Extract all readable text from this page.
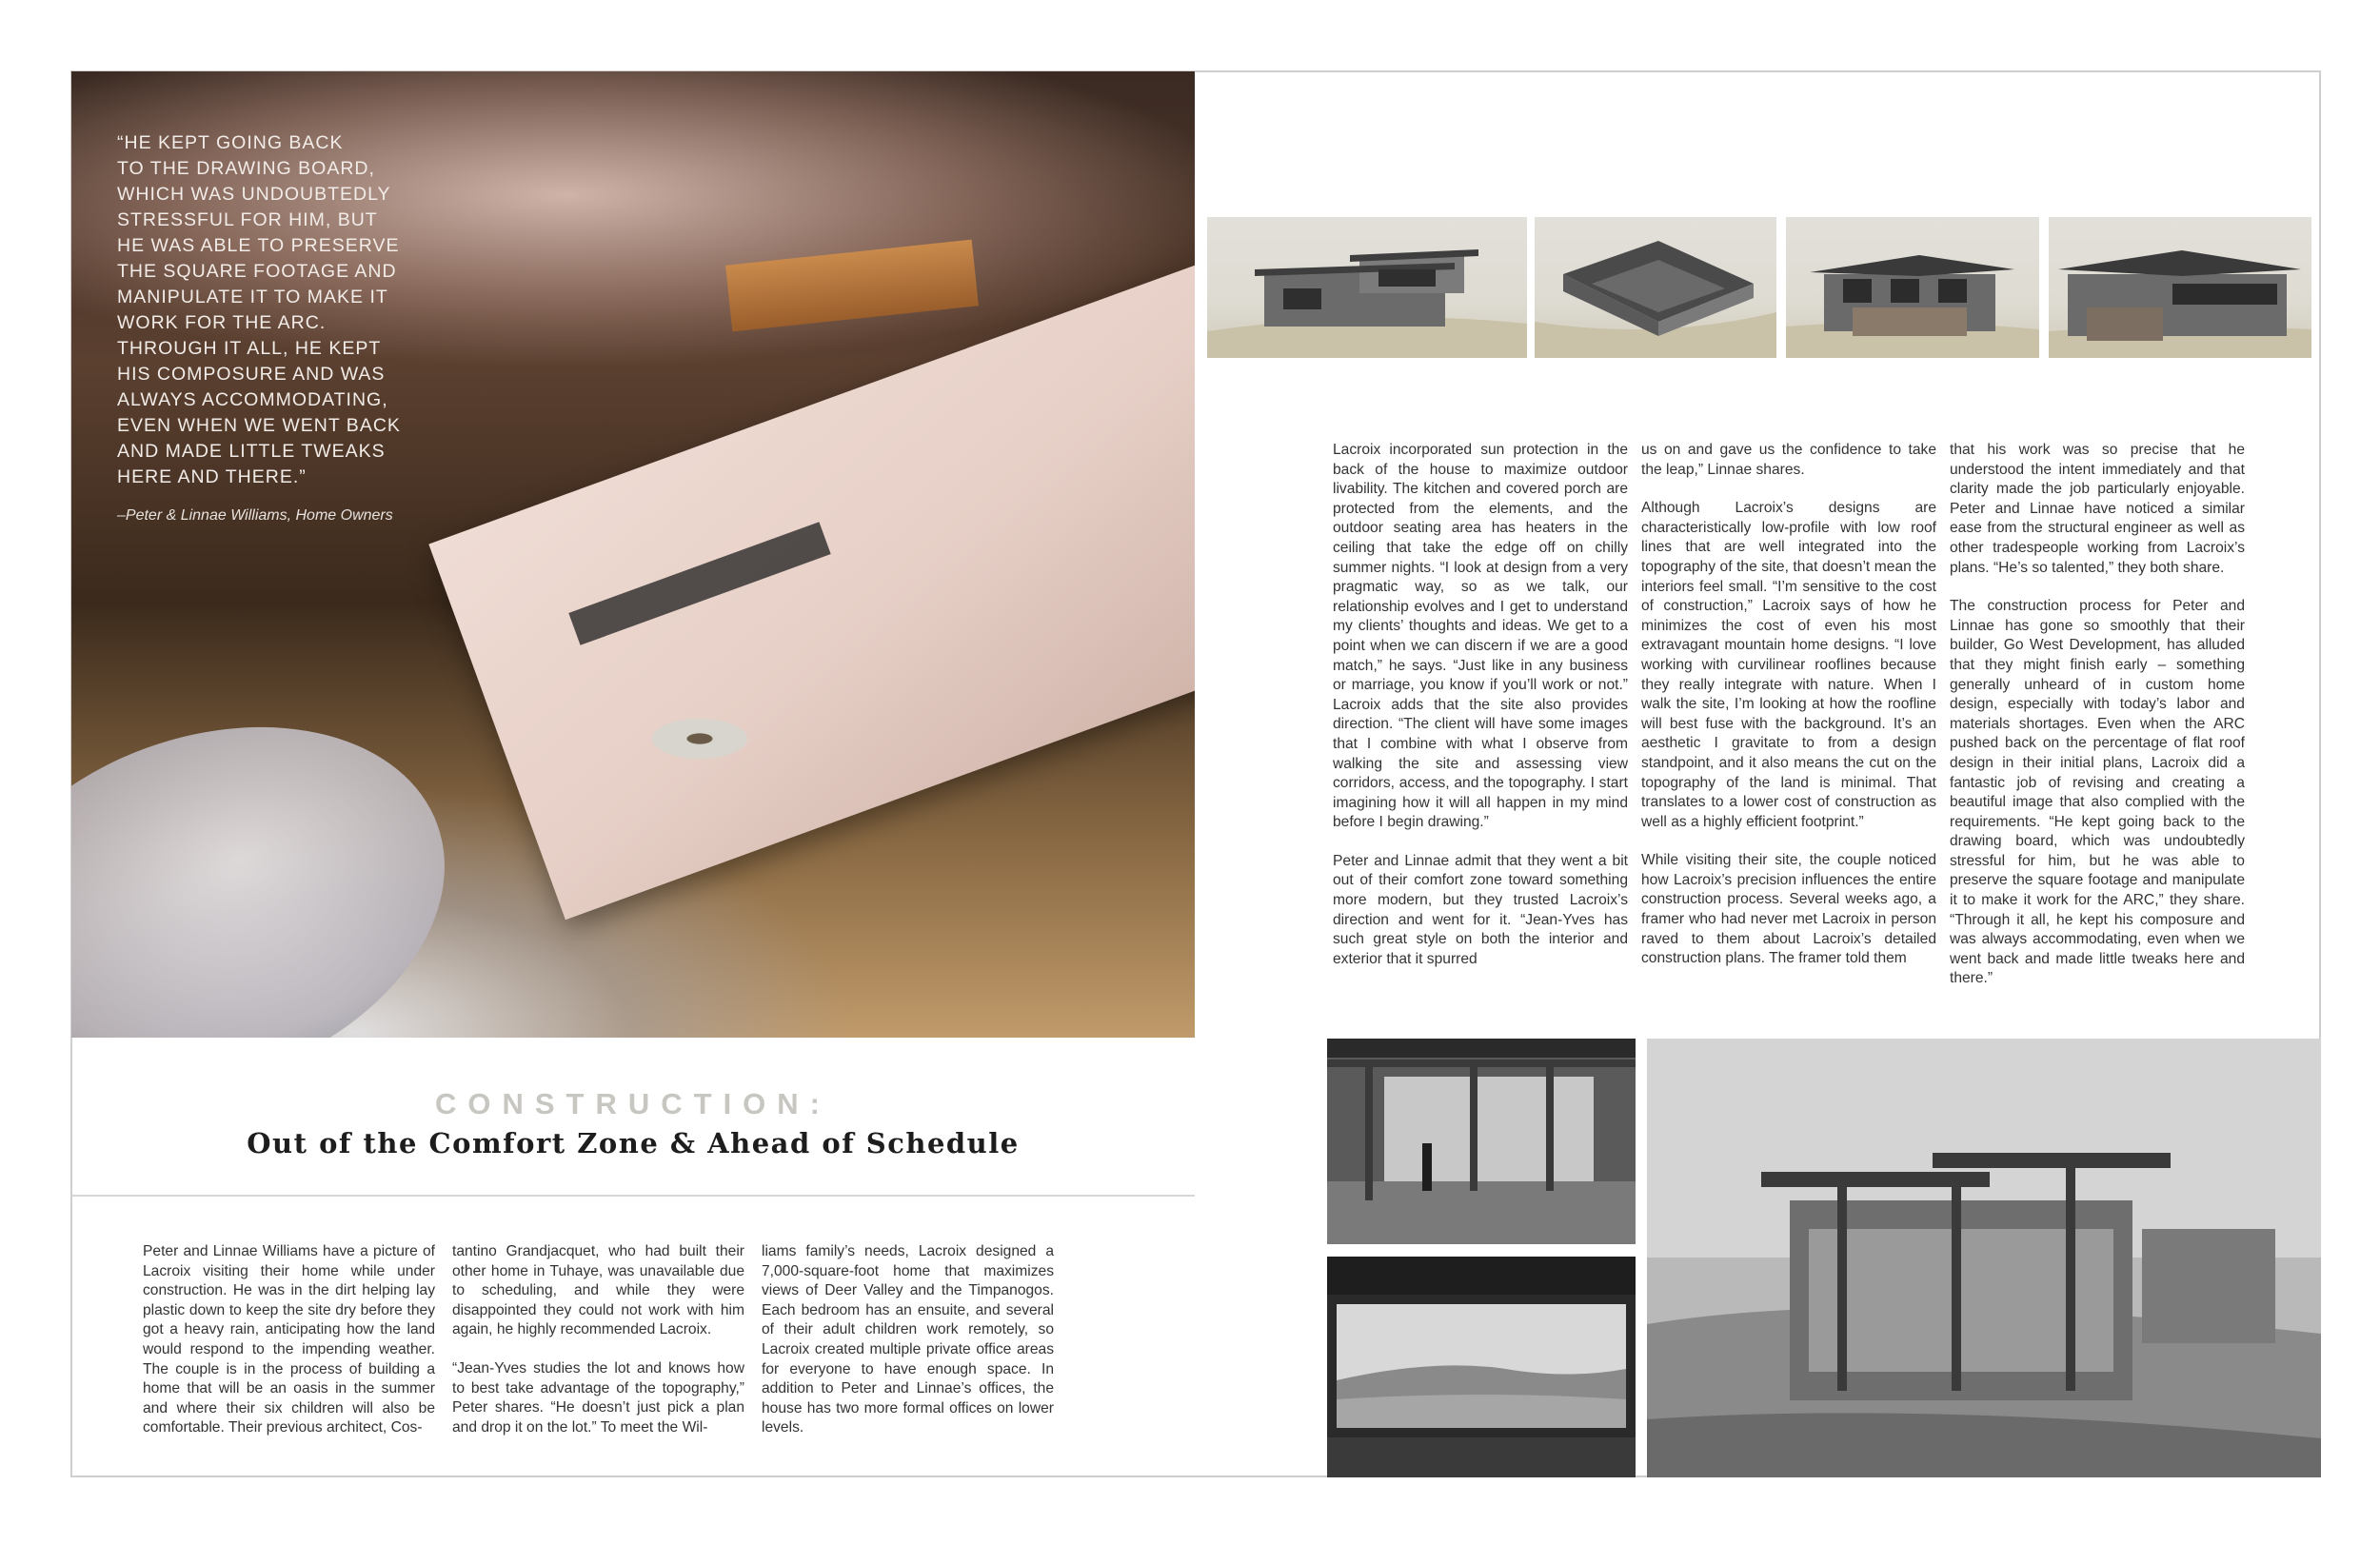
“HE KEPT GOING BACK
TO THE DRAWING BOARD,
WHICH WAS UNDOUBTEDLY
STRESSFUL FOR HIM, BUT
HE WAS ABLE TO PRESERVE
THE SQUARE FOOTAGE AND
MANIPULATE IT TO MAKE IT
WORK FOR THE ARC.
THROUGH IT ALL, HE KEPT
HIS COMPOSURE AND WAS
ALWAYS ACCOMMODATING,
EVEN WHEN WE WENT BACK
AND MADE LITTLE TWEAKS
HERE AND THERE.”
–Peter & Linnae Williams, Home Owners
CONSTRUCTION:
Out of the Comfort Zone & Ahead of Schedule

Peter and Linnae Williams have a picture of Lacroix visiting their home while under construction. He was in the dirt helping lay plastic down to keep the site dry before they got a heavy rain, anticipating how the land would respond to the impending weather. The couple is in the process of building a home that will be an oasis in the summer and where their six children will also be comfortable. Their previous architect, Cos-

tantino Grandjacquet, who had built their other home in Tuhaye, was unavailable due to scheduling, and while they were disappointed they could not work with him again, he highly recommended Lacroix.

“Jean-Yves studies the lot and knows how to best take advantage of the topography,” Peter shares. “He doesn’t just pick a plan and drop it on the lot.” To meet the Wil-

liams family’s needs, Lacroix designed a 7,000-square-foot home that maximizes views of Deer Valley and the Timpanogos. Each bedroom has an ensuite, and several of their adult children work remotely, so Lacroix created multiple private office areas for everyone to have enough space. In addition to Peter and Linnae’s offices, the house has two more formal offices on lower levels.

Lacroix incorporated sun protection in the back of the house to maximize outdoor livability. The kitchen and covered porch are protected from the elements, and the outdoor seating area has heaters in the ceiling that take the edge off on chilly summer nights. “I look at design from a very pragmatic way, so as we talk, our relationship evolves and I get to understand my clients’ thoughts and ideas. We get to a point when we can discern if we are a good match,” he says. “Just like in any business or marriage, you know if you’ll work or not.” Lacroix adds that the site also provides direction. “The client will have some images that I combine with what I observe from walking the site and assessing view corridors, access, and the topography. I start imagining how it will all happen in my mind before I begin drawing.”

Peter and Linnae admit that they went a bit out of their comfort zone toward something more modern, but they trusted Lacroix’s direction and went for it. “Jean-Yves has such great style on both the interior and exterior that it spurred

us on and gave us the confidence to take the leap,” Linnae shares.

Although Lacroix’s designs are characteristically low-profile with low roof lines that are well integrated into the topography of the site, that doesn’t mean the interiors feel small. “I’m sensitive to the cost of construction,” Lacroix says of how he minimizes the cost of even his most extravagant mountain home designs. “I love working with curvilinear rooflines because they really integrate with nature. When I walk the site, I’m looking at how the roofline will best fuse with the background. It’s an aesthetic I gravitate to from a design standpoint, and it also means the cut on the topography of the land is minimal. That translates to a lower cost of construction as well as a highly efficient footprint.”

While visiting their site, the couple noticed how Lacroix’s precision influences the entire construction process. Several weeks ago, a framer who had never met Lacroix in person raved to them about Lacroix’s detailed construction plans. The framer told them

that his work was so precise that he understood the intent immediately and that clarity made the job particularly enjoyable. Peter and Linnae have noticed a similar ease from the structural engineer as well as other tradespeople working from Lacroix’s plans. “He’s so talented,” they both share.

The construction process for Peter and Linnae has gone so smoothly that their builder, Go West Development, has alluded that they might finish early – something generally unheard of in custom home design, especially with today’s labor and materials shortages. Even when the ARC pushed back on the percentage of flat roof design in their initial plans, Lacroix did a fantastic job of revising and creating a beautiful image that also complied with the requirements. “He kept going back to the drawing board, which was undoubtedly stressful for him, but he was able to preserve the square footage and manipulate it to make it work for the ARC,” they share. “Through it all, he kept his composure and was always accommodating, even when we went back and made little tweaks here and there.”
